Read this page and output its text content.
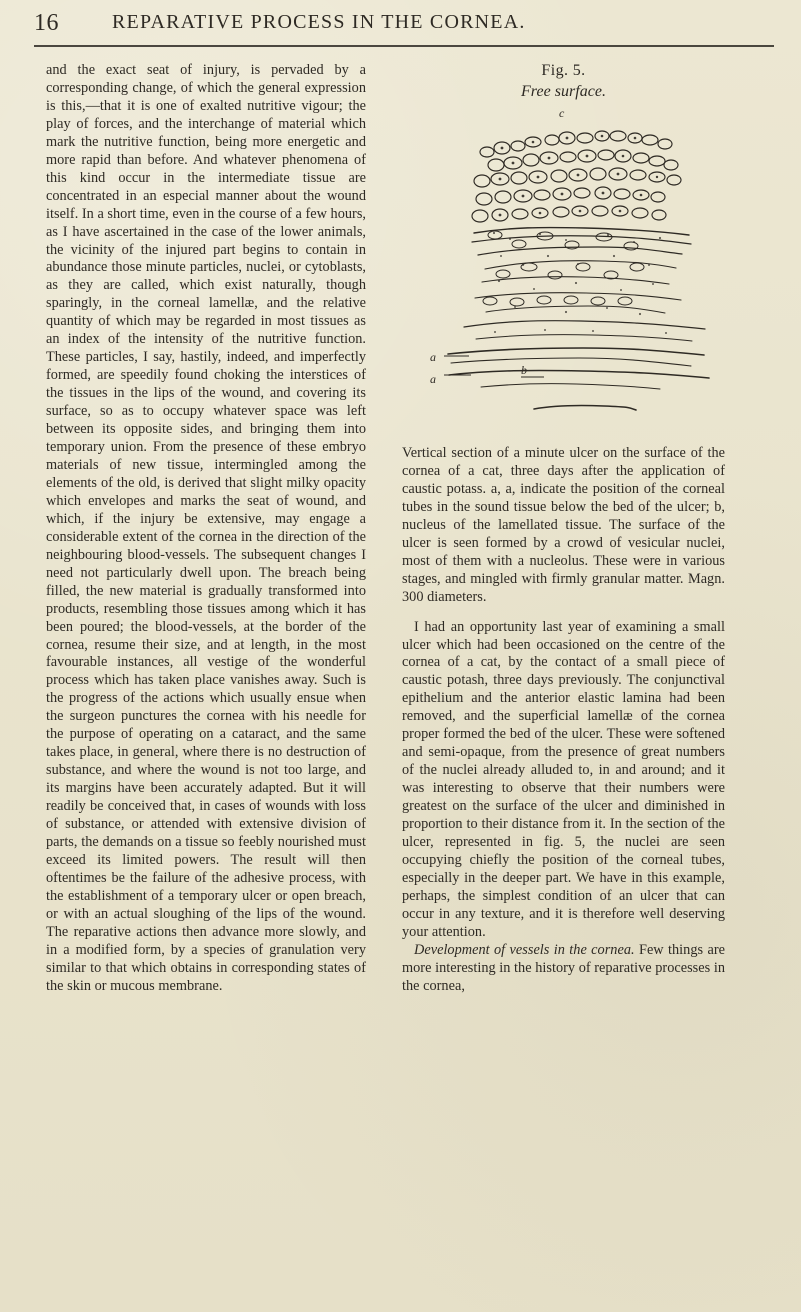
16	REPARATIVE PROCESS IN THE CORNEA.

and the exact seat of injury, is pervaded by a corresponding change, of which the general expression is this,—that it is one of exalted nutritive vigour; the play of forces, and the interchange of material which mark the nutritive function, being more energetic and more rapid than before. And whatever phenomena of this kind occur in the intermediate tissue are concentrated in an especial manner about the wound itself. In a short time, even in the course of a few hours, as I have ascertained in the case of the lower animals, the vicinity of the injured part begins to contain in abundance those minute particles, nuclei, or cytoblasts, as they are called, which exist naturally, though sparingly, in the corneal lamellæ, and the relative quantity of which may be regarded in most tissues as an index of the intensity of the nutritive function. These particles, I say, hastily, indeed, and imperfectly formed, are speedily found choking the interstices of the tissues in the lips of the wound, and covering its surface, so as to occupy whatever space was left between its opposite sides, and bringing them into temporary union. From the presence of these embryo materials of new tissue, intermingled among the elements of the old, is derived that slight milky opacity which envelopes and marks the seat of wound, and which, if the injury be extensive, may engage a considerable extent of the cornea in the direction of the neighbouring blood-vessels. The subsequent changes I need not particularly dwell upon. The breach being filled, the new material is gradually transformed into products, resembling those tissues among which it has been poured; the blood-vessels, at the border of the cornea, resume their size, and at length, in the most favourable instances, all vestige of the wonderful process which has taken place vanishes away. Such is the progress of the actions which usually ensue when the surgeon punctures the cornea with his needle for the purpose of operating on a cataract, and the same takes place, in general, where there is no destruction of substance, and where the wound is not too large, and its margins have been accurately adapted. But it will readily be conceived that, in cases of wounds with loss of substance, or attended with extensive division of parts, the demands on a tissue so feebly nourished must exceed its limited powers. The result will then oftentimes be the failure of the adhesive process, with the establishment of a temporary ulcer or open breach, or with an actual sloughing of the lips of the wound. The reparative actions then advance more slowly, and in a modified form, by a species of granulation very similar to that which obtains in corresponding states of the skin or mucous membrane.

Fig. 5.
Free surface.
c
a
b
a

Vertical section of a minute ulcer on the surface of the cornea of a cat, three days after the application of caustic potass. a, a, indicate the position of the corneal tubes in the sound tissue below the bed of the ulcer; b, nucleus of the lamellated tissue. The surface of the ulcer is seen formed by a crowd of vesicular nuclei, most of them with a nucleolus. These were in various stages, and mingled with firmly granular matter. Magn. 300 diameters.

I had an opportunity last year of examining a small ulcer which had been occasioned on the centre of the cornea of a cat, by the contact of a small piece of caustic potash, three days previously. The conjunctival epithelium and the anterior elastic lamina had been removed, and the superficial lamellæ of the cornea proper formed the bed of the ulcer. These were softened and semi-opaque, from the presence of great numbers of the nuclei already alluded to, in and around; and it was interesting to observe that their numbers were greatest on the surface of the ulcer and diminished in proportion to their distance from it. In the section of the ulcer, represented in fig. 5, the nuclei are seen occupying chiefly the position of the corneal tubes, especially in the deeper part. We have in this example, perhaps, the simplest condition of an ulcer that can occur in any texture, and it is therefore well deserving your attention.

Development of vessels in the cornea. Few things are more interesting in the history of reparative processes in the cornea,
